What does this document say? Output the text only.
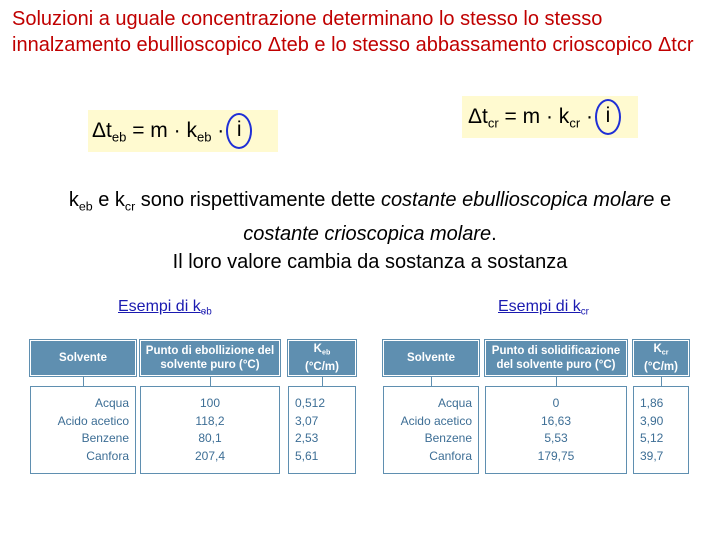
Soluzioni a uguale concentrazione determinano lo stesso lo stesso innalzamento ebullioscopico Δteb e lo stesso abbassamento crioscopico Δtcr
$\Delta t_{eb} = m \cdot k_{eb} \cdot i$
$\Delta t_{cr} = m \cdot k_{cr} \cdot i$
$k_{eb}$ e $k_{cr}$ sono rispettivamente dette costante ebullioscopica molare e costante crioscopica molare.
Il loro valore cambia da sostanza a sostanza
Esempi di $k_{eb}$	Esempi di $k_{cr}$
Solvente
Acqua
Acido acetico
Benzene
Canfora
Punto di ebollizione del solvente puro (°C)
100
118,2
80,1
207,4
$K_{eb}$
(°C/m)
0,512
3,07
2,53
5,61
Solvente
Acqua
Acido acetico
Benzene
Canfora
Punto di solidificazione del solvente puro (°C)
0
16,63
5,53
179,75
$K_{cr}$
(°C/m)
1,86
3,90
5,12
39,7
